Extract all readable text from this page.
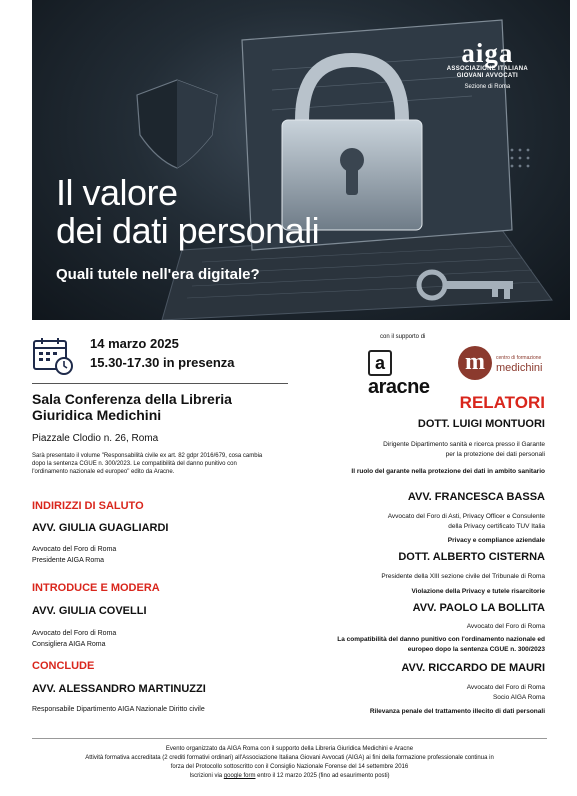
aiga
ASSOCIAZIONE ITALIANA
GIOVANI AVVOCATI
Sezione di Roma
Il valore
dei dati personali
Quali tutele nell'era digitale?
14 marzo 2025
15.30-17.30 in presenza
Sala Conferenza della Libreria
Giuridica Medichini
Piazzale Clodio n. 26, Roma
Sarà presentato il volume "Responsabilità civile ex art. 82 gdpr 2016/679, cosa cambia dopo la sentenza CGUE n. 300/2023. Le compatibilità del danno punitivo con l'ordinamento nazionale ed europeo" edito da Aracne.
INDIRIZZI DI SALUTO
AVV. GIULIA GUAGLIARDI
Avvocato del Foro di Roma
Presidente AIGA Roma
INTRODUCE E MODERA
AVV. GIULIA COVELLI
Avvocato del Foro di Roma
Consigliera AIGA Roma
CONCLUDE
AVV. ALESSANDRO MARTINUZZI
Responsabile Dipartimento AIGA Nazionale Diritto civile
con il supporto di
aaracne
m	centro di formazione
medichini
RELATORI
DOTT. LUIGI MONTUORI
Dirigente Dipartimento sanità e ricerca presso il Garante
per la protezione dei dati personali
Il ruolo del garante nella protezione dei dati in ambito sanitario
AVV. FRANCESCA BASSA
Avvocato del Foro di Asti, Privacy Officer e Consulente
della Privacy certificato TUV Italia
Privacy e compliance aziendale
DOTT. ALBERTO CISTERNA
Presidente della XIII sezione civile del Tribunale di Roma
Violazione della Privacy e tutele risarcitorie
AVV. PAOLO LA BOLLITA
Avvocato del Foro di Roma
La compatibilità del danno punitivo con l'ordinamento nazionale ed
europeo dopo la sentenza CGUE n. 300/2023
AVV. RICCARDO DE MAURI
Avvocato del Foro di Roma
Socio AIGA Roma
Rilevanza penale del trattamento illecito di dati personali
Evento organizzato da AIGA Roma con il supporto della Libreria Giuridica Medichini e Aracne
Attività formativa accreditata (2 crediti formativi ordinari) all'Associazione Italiana Giovani Avvocati (AIGA) ai fini della formazione professionale continua in
forza del Protocollo sottoscritto con il Consiglio Nazionale Forense del 14 settembre 2016
Iscrizioni via google form entro il 12 marzo 2025 (fino ad esaurimento posti)
